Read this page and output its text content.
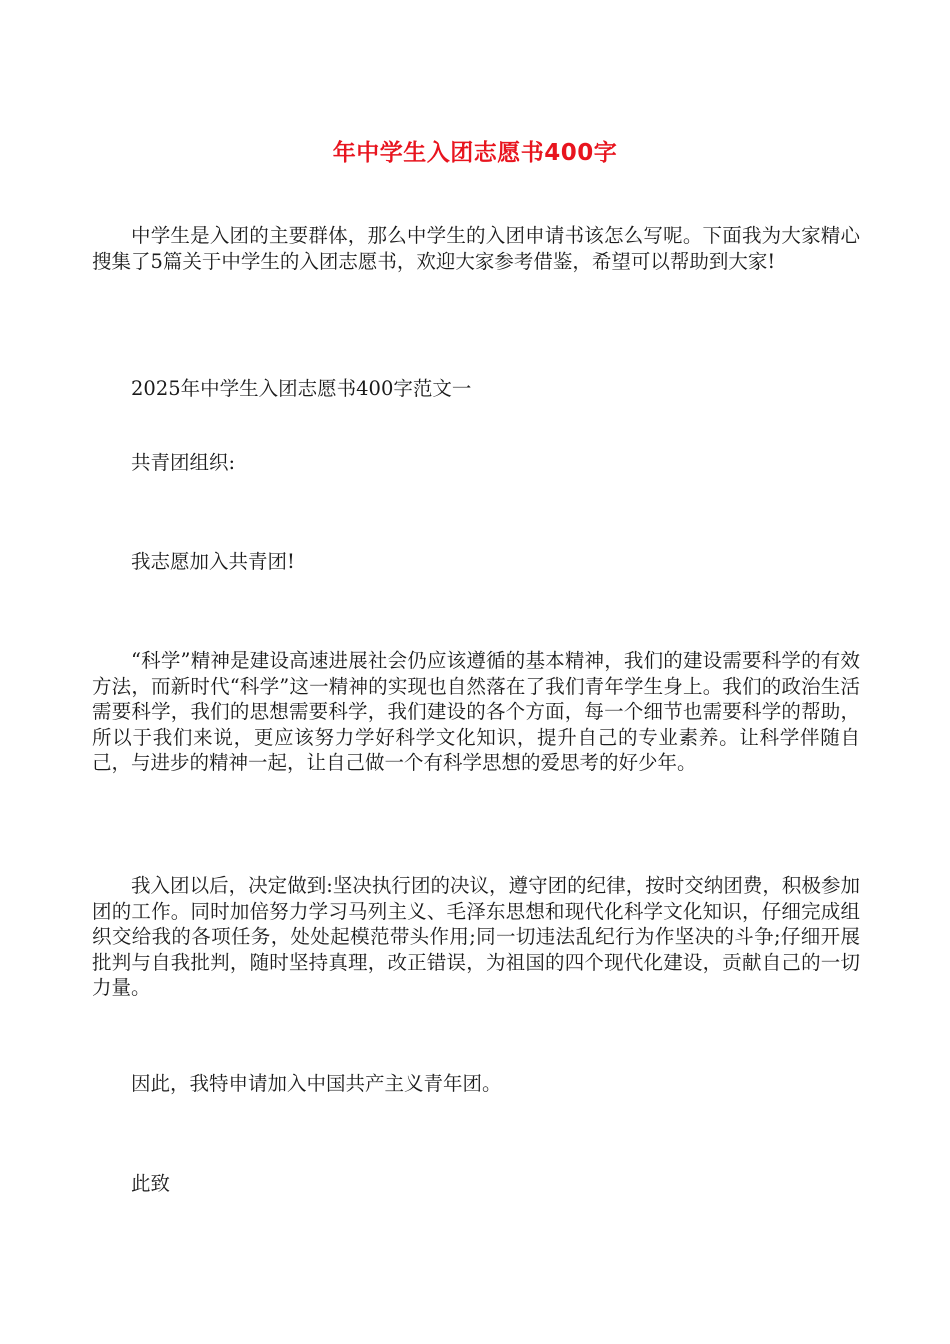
年中学生入团志愿书400字

中学生是入团的主要群体，那么中学生的入团申请书该怎么写呢。下面我为大家精心搜集了5篇关于中学生的入团志愿书，欢迎大家参考借鉴，希望可以帮助到大家!

2025年中学生入团志愿书400字范文一

共青团组织:

我志愿加入共青团!

“科学”精神是建设高速进展社会仍应该遵循的基本精神，我们的建设需要科学的有效方法，而新时代“科学”这一精神的实现也自然落在了我们青年学生身上。我们的政治生活需要科学，我们的思想需要科学，我们建设的各个方面，每一个细节也需要科学的帮助，所以于我们来说，更应该努力学好科学文化知识，提升自己的专业素养。让科学伴随自己，与进步的精神一起，让自己做一个有科学思想的爱思考的好少年。

我入团以后，决定做到:坚决执行团的决议，遵守团的纪律，按时交纳团费，积极参加团的工作。同时加倍努力学习马列主义、毛泽东思想和现代化科学文化知识，仔细完成组织交给我的各项任务，处处起模范带头作用;同一切违法乱纪行为作坚决的斗争;仔细开展批判与自我批判，随时坚持真理，改正错误，为祖国的四个现代化建设，贡献自己的一切力量。

因此，我特申请加入中国共产主义青年团。

此致
